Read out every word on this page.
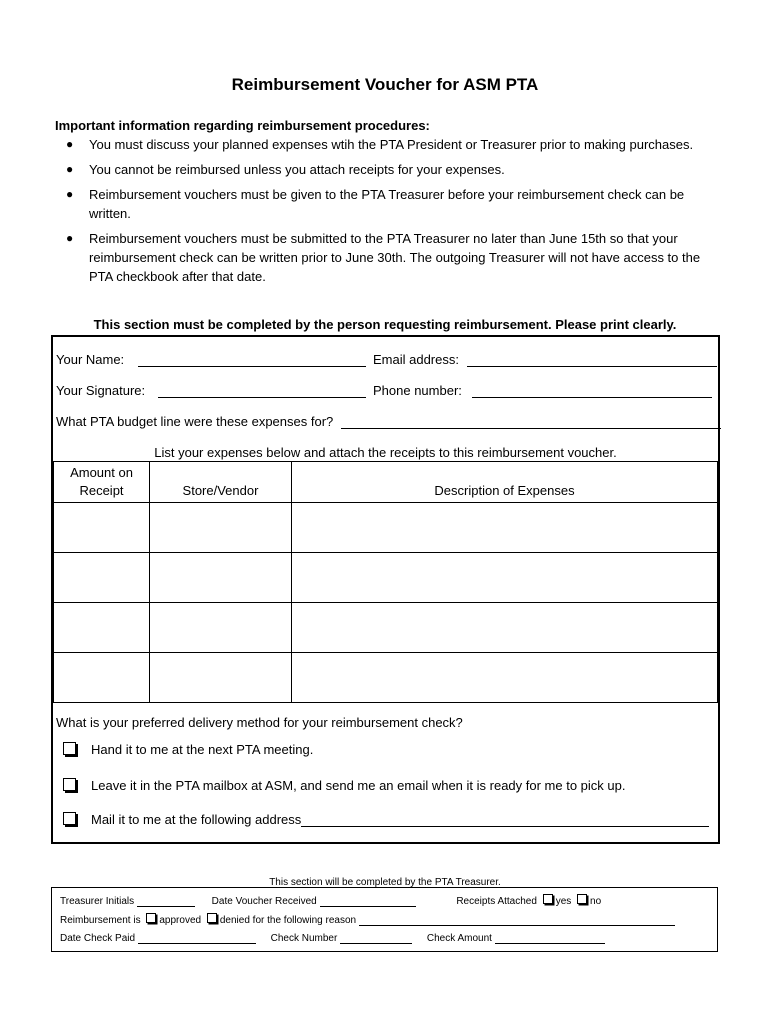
Reimbursement Voucher for ASM PTA
Important information regarding reimbursement procedures:
● You must discuss your planned expenses wtih the PTA President or Treasurer prior to making purchases.
● You cannot be reimbursed unless you attach receipts for your expenses.
● Reimbursement vouchers must be given to the PTA Treasurer before your reimbursement check can be written.
● Reimbursement vouchers must be submitted to the PTA Treasurer no later than June 15th so that your reimbursement check can be written prior to June 30th. The outgoing Treasurer will not have access to the PTA checkbook after that date.
This section must be completed by the person requesting reimbursement. Please print clearly.
Your Name:	Email address:
Your Signature:	Phone number:
What PTA budget line were these expenses for?
List your expenses below and attach the receipts to this reimbursement voucher.
Amount on
Receipt	Store/Vendor	Description of Expenses

What is your preferred delivery method for your reimbursement check?
Hand it to me at the next PTA meeting.
Leave it in the PTA mailbox at ASM, and send me an email when it is ready for me to pick up.
Mail it to me at the following address
This section will be completed by the PTA Treasurer.
Treasurer Initials	Date Voucher Received	Receipts Attached yes no
Reimbursement is approved denied for the following reason
Date Check Paid	Check Number	Check Amount
